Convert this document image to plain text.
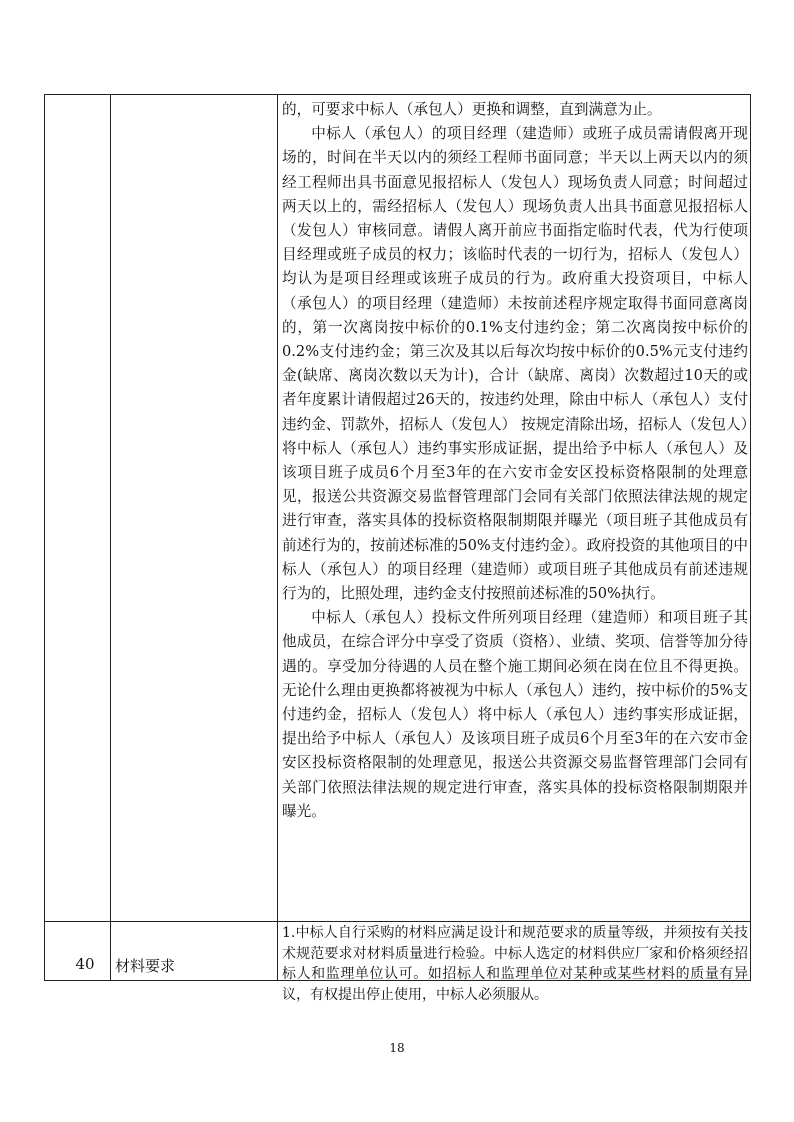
的，可要求中标人（承包人）更换和调整，直到满意为止。

中标人（承包人）的项目经理（建造师）或班子成员需请假离开现场的，时间在半天以内的须经工程师书面同意；半天以上两天以内的须经工程师出具书面意见报招标人（发包人）现场负责人同意；时间超过两天以上的，需经招标人（发包人）现场负责人出具书面意见报招标人（发包人）审核同意。请假人离开前应书面指定临时代表，代为行使项目经理或班子成员的权力；该临时代表的一切行为，招标人（发包人）均认为是项目经理或该班子成员的行为。政府重大投资项目，中标人（承包人）的项目经理（建造师）未按前述程序规定取得书面同意离岗的，第一次离岗按中标价的0.1%支付违约金；第二次离岗按中标价的0.2%支付违约金；第三次及其以后每次均按中标价的0.5%元支付违约金(缺席、离岗次数以天为计)，合计（缺席、离岗）次数超过10天的或者年度累计请假超过26天的，按违约处理，除由中标人（承包人）支付违约金、罚款外，招标人（发包人） 按规定清除出场，招标人（发包人）将中标人（承包人）违约事实形成证据，提出给予中标人（承包人）及该项目班子成员6个月至3年的在六安市金安区投标资格限制的处理意见，报送公共资源交易监督管理部门会同有关部门依照法律法规的规定进行审查，落实具体的投标资格限制期限并曝光（项目班子其他成员有前述行为的，按前述标准的50%支付违约金）。政府投资的其他项目的中标人（承包人）的项目经理（建造师）或项目班子其他成员有前述违规行为的，比照处理，违约金支付按照前述标准的50%执行。

中标人（承包人）投标文件所列项目经理（建造师）和项目班子其他成员，在综合评分中享受了资质（资格）、业绩、奖项、信誉等加分待遇的。享受加分待遇的人员在整个施工期间必须在岗在位且不得更换。无论什么理由更换都将被视为中标人（承包人）违约，按中标价的5%支付违约金，招标人（发包人）将中标人（承包人）违约事实形成证据，提出给予中标人（承包人）及该项目班子成员6个月至3年的在六安市金安区投标资格限制的处理意见，报送公共资源交易监督管理部门会同有关部门依照法律法规的规定进行审查，落实具体的投标资格限制期限并曝光。

40	材料要求

1.中标人自行采购的材料应满足设计和规范要求的质量等级，并须按有关技术规范要求对材料质量进行检验。中标人选定的材料供应厂家和价格须经招标人和监理单位认可。如招标人和监理单位对某种或某些材料的质量有异议，有权提出停止使用，中标人必须服从。

18
